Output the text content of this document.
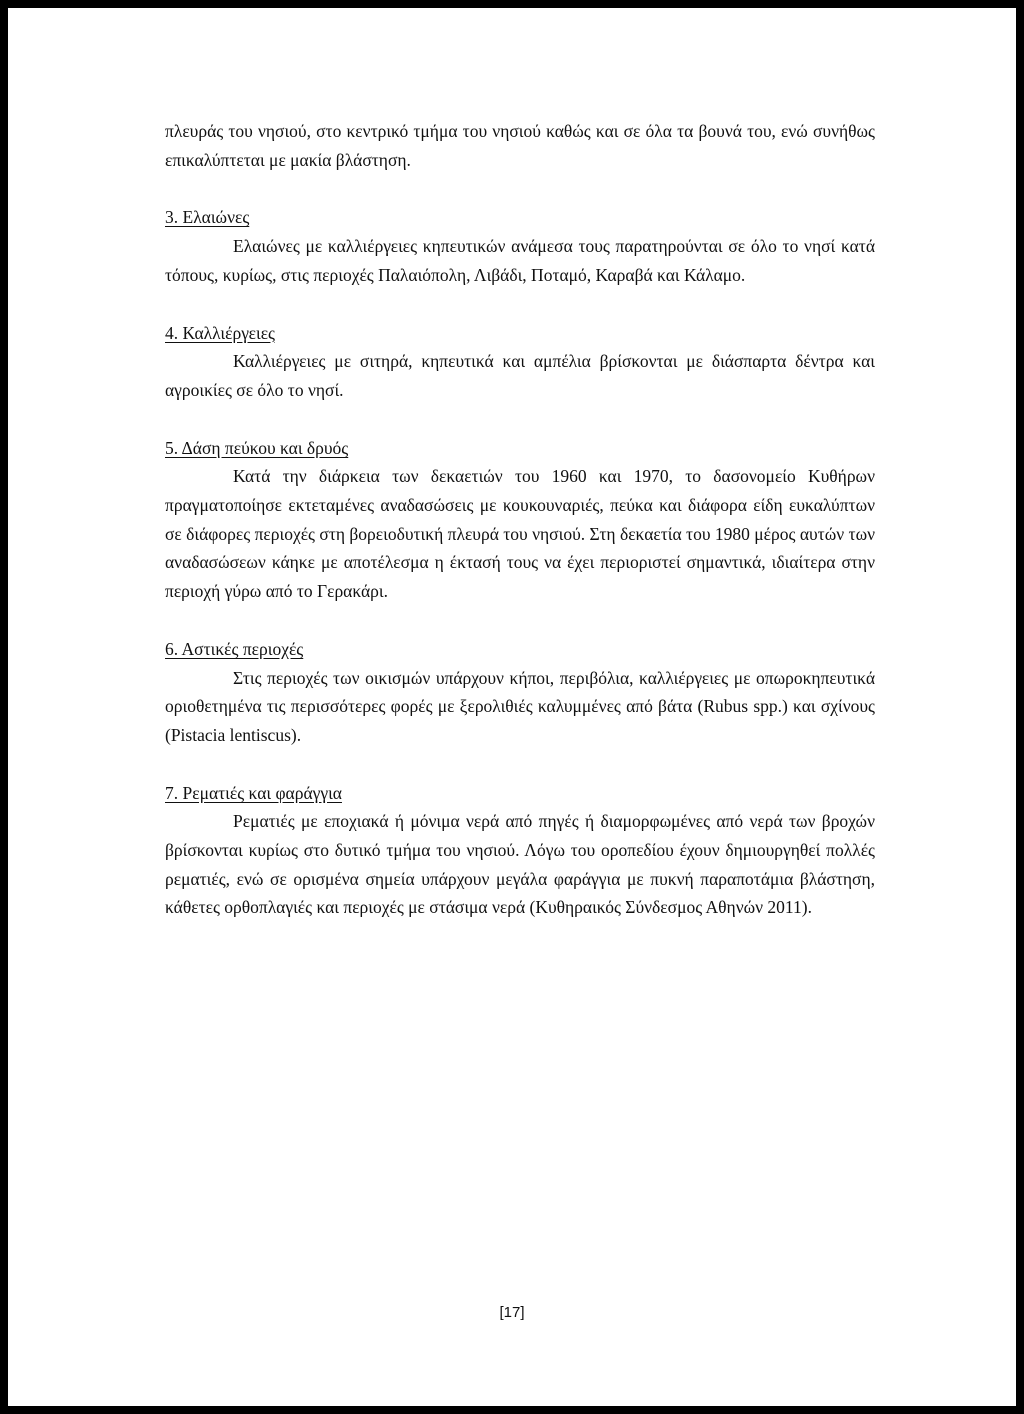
πλευράς του νησιού, στο κεντρικό τμήμα του νησιού καθώς και σε όλα τα βουνά του, ενώ συνήθως επικαλύπτεται με μακία βλάστηση.

3. Ελαιώνες

Ελαιώνες με καλλιέργειες κηπευτικών ανάμεσα τους παρατηρούνται σε όλο το νησί κατά τόπους, κυρίως, στις περιοχές Παλαιόπολη, Λιβάδι, Ποταμό, Καραβά και Κάλαμο.

4. Καλλιέργειες

Καλλιέργειες με σιτηρά, κηπευτικά και αμπέλια βρίσκονται με διάσπαρτα δέντρα και αγροικίες σε όλο το νησί.

5. Δάση πεύκου και δρυός

Κατά την διάρκεια των δεκαετιών του 1960 και 1970, το δασονομείο Κυθήρων πραγματοποίησε εκτεταμένες αναδασώσεις με κουκουναριές, πεύκα και διάφορα είδη ευκαλύπτων σε διάφορες περιοχές στη βορειοδυτική πλευρά του νησιού. Στη δεκαετία του 1980 μέρος αυτών των αναδασώσεων κάηκε με αποτέλεσμα η έκτασή τους να έχει περιοριστεί σημαντικά, ιδιαίτερα στην περιοχή γύρω από το Γερακάρι.

6. Αστικές περιοχές

Στις περιοχές των οικισμών υπάρχουν κήποι, περιβόλια, καλλιέργειες με οπωροκηπευτικά οριοθετημένα τις περισσότερες φορές με ξερολιθιές καλυμμένες από βάτα (Rubus spp.) και σχίνους (Pistacia lentiscus).

7. Ρεματιές και φαράγγια

Ρεματιές με εποχιακά ή μόνιμα νερά από πηγές ή διαμορφωμένες από νερά των βροχών βρίσκονται κυρίως στο δυτικό τμήμα του νησιού. Λόγω του οροπεδίου έχουν δημιουργηθεί πολλές ρεματιές, ενώ σε ορισμένα σημεία υπάρχουν μεγάλα φαράγγια με πυκνή παραποτάμια βλάστηση, κάθετες ορθοπλαγιές και περιοχές με στάσιμα νερά (Κυθηραικός Σύνδεσμος Αθηνών 2011).

[17]
